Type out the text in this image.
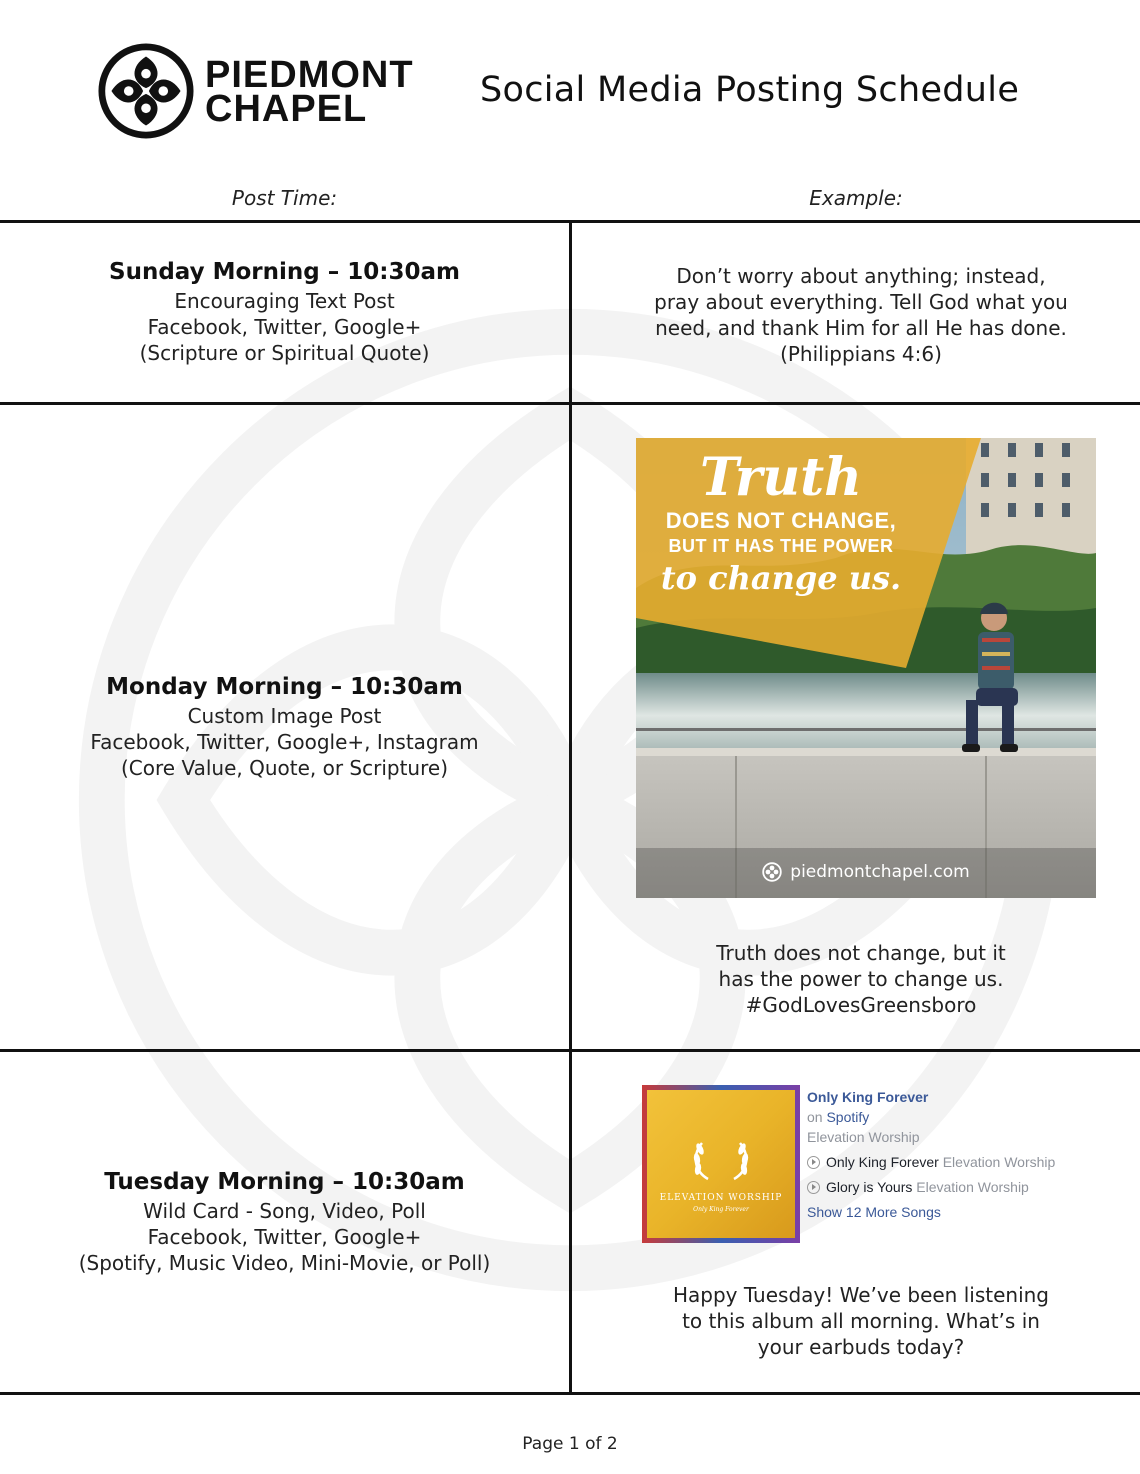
PIEDMONT
CHAPEL	Social Media Posting Schedule
Post Time:	Example:
Sunday Morning – 10:30am
Encouraging Text Post
Facebook, Twitter, Google+
(Scripture or Spiritual Quote)
Don’t worry about anything; instead,
pray about everything. Tell God what you
need, and thank Him for all He has done.
(Philippians 4:6)
Monday Morning – 10:30am
Custom Image Post
Facebook, Twitter, Google+, Instagram
(Core Value, Quote, or Scripture)
Truth
DOES NOT CHANGE,
BUT IT HAS THE POWER
to change us.
piedmontchapel.com
Truth does not change, but it
has the power to change us.
#GodLovesGreensboro
Tuesday Morning – 10:30am
Wild Card - Song, Video, Poll
Facebook, Twitter, Google+
(Spotify, Music Video, Mini-Movie, or Poll)
ELEVATION WORSHIP
Only King Forever
Only King Forever
on Spotify
Elevation Worship
Only King Forever Elevation Worship
Glory is Yours Elevation Worship
Show 12 More Songs
Happy Tuesday! We’ve been listening
to this album all morning. What’s in
your earbuds today?
Page 1 of 2
